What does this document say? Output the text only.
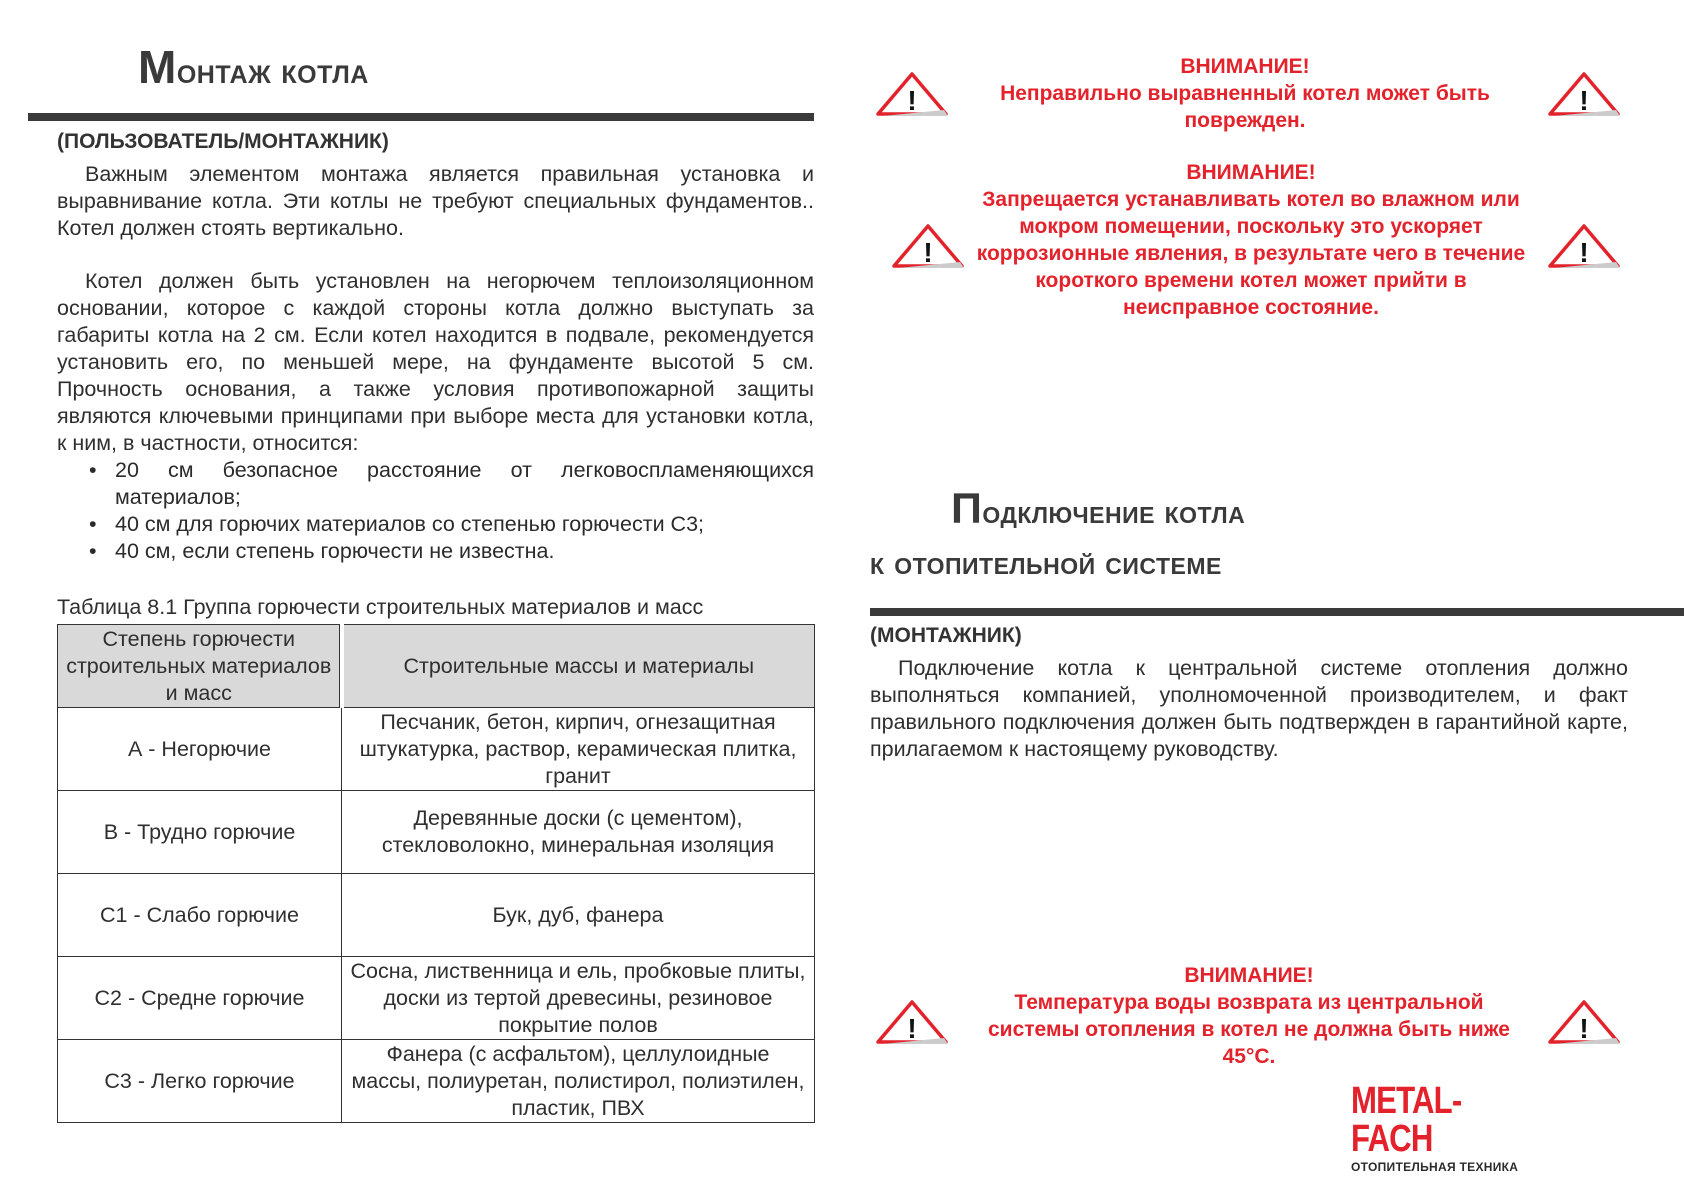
Монтаж котла
(ПОЛЬЗОВАТЕЛЬ/МОНТАЖНИК)
Важным элементом монтажа является правильная установка и выравнивание котла. Эти котлы не требуют специальных фундаментов.. Котел должен стоять вертикально.
Котел должен быть установлен на негорючем теплоизоляционном основании, которое с каждой стороны котла должно выступать за габариты котла на 2 см. Если котел находится в подвале, рекомендуется установить его, по меньшей мере, на фундаменте высотой 5 см. Прочность основания, а также условия противопожарной защиты являются ключевыми принципами при выборе места для установки котла, к ним, в частности, относится:
• 20 см безопасное расстояние от легковоспламеняющихся материалов;
• 40 см для горючих материалов со степенью горючести С3;
• 40 см, если степень горючести не известна.
Таблица 8.1 Группа горючести строительных материалов и масс
Степень горючести строительных материалов и масс	Строительные массы и материалы
А - Негорючие	Песчаник, бетон, кирпич, огнезащитная штукатурка, раствор, керамическая плитка, гранит
В - Трудно горючие	Деревянные доски (с цементом), стекловолокно, минеральная изоляция
С1 - Слабо горючие	Бук, дуб, фанера
С2 - Средне горючие	Сосна, лиственница и ель, пробковые плиты, доски из тертой древесины, резиновое покрытие полов
С3 - Легко горючие	Фанера (с асфальтом), целлулоидные массы, полиуретан, полистирол, полиэтилен, пластик, ПВХ
ВНИМАНИЕ!
Неправильно выравненный котел может быть поврежден.
!	!
ВНИМАНИЕ!
Запрещается устанавливать котел во влажном или мокром помещении, поскольку это ускоряет коррозионные явления, в результате чего в течение короткого времени котел может прийти в неисправное состояние.
!	!
Подключение котла
к отопительной системе
(МОНТАЖНИК)
Подключение котла к центральной системе отопления должно выполняться компанией, уполномоченной производителем, и факт правильного подключения должен быть подтвержден в гарантийной карте, прилагаемом к настоящему руководству.
ВНИМАНИЕ!
Температура воды возврата из центральной системы отопления в котел не должна быть ниже 45°С.
!	!
METAL-FACH
ОТОПИТЕЛЬНАЯ ТЕХНИКА
